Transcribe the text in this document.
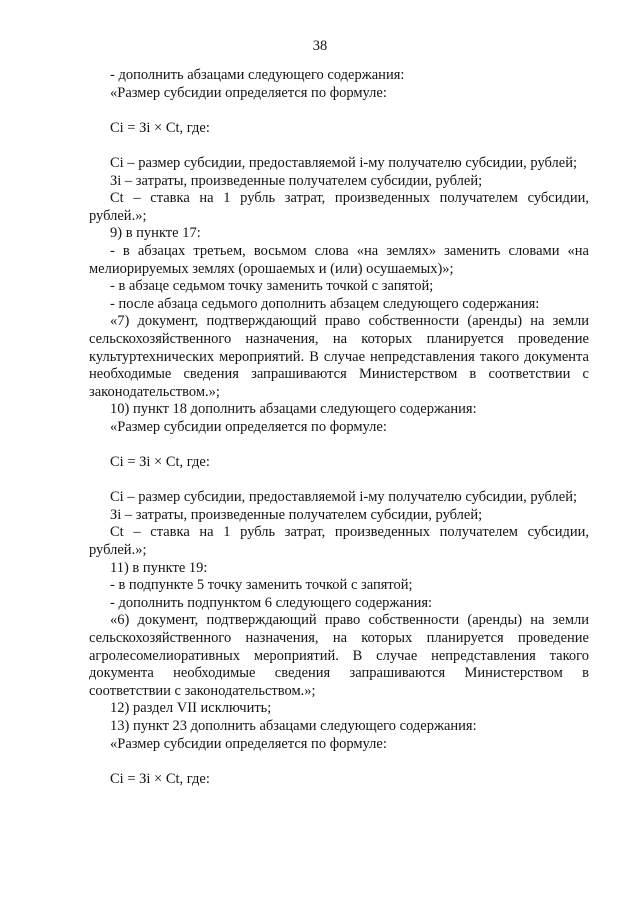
38

- дополнить абзацами следующего содержания:

«Размер субсидии определяется по формуле:

Ci = Зi × Ct, где:

Ci – размер субсидии, предоставляемой i-му получателю субсидии, рублей;

Зi – затраты, произведенные получателем субсидии, рублей;

Ct – ставка на 1 рубль затрат, произведенных получателем субсидии, рублей.»;

9) в пункте 17:

- в абзацах третьем, восьмом слова «на землях» заменить словами «на мелиорируемых землях (орошаемых и (или) осушаемых)»;

- в абзаце седьмом точку заменить точкой с запятой;

- после абзаца седьмого дополнить абзацем следующего содержания:

«7) документ, подтверждающий право собственности (аренды) на земли сельскохозяйственного назначения, на которых планируется проведение культуртехнических мероприятий. В случае непредставления такого документа необходимые сведения запрашиваются Министерством в соответствии с законодательством.»;

10) пункт 18 дополнить абзацами следующего содержания:

«Размер субсидии определяется по формуле:

Ci = Зi × Ct, где:

Ci – размер субсидии, предоставляемой i-му получателю субсидии, рублей;

Зi – затраты, произведенные получателем субсидии, рублей;

Ct – ставка на 1 рубль затрат, произведенных получателем субсидии, рублей.»;

11) в пункте 19:

- в подпункте 5 точку заменить точкой с запятой;

- дополнить подпунктом 6 следующего содержания:

«6) документ, подтверждающий право собственности (аренды) на земли сельскохозяйственного назначения, на которых планируется проведение агролесомелиоративных мероприятий. В случае непредставления такого документа необходимые сведения запрашиваются Министерством в соответствии с законодательством.»;

12) раздел VII исключить;

13) пункт 23 дополнить абзацами следующего содержания:

«Размер субсидии определяется по формуле:

Ci = Зi × Ct, где:
